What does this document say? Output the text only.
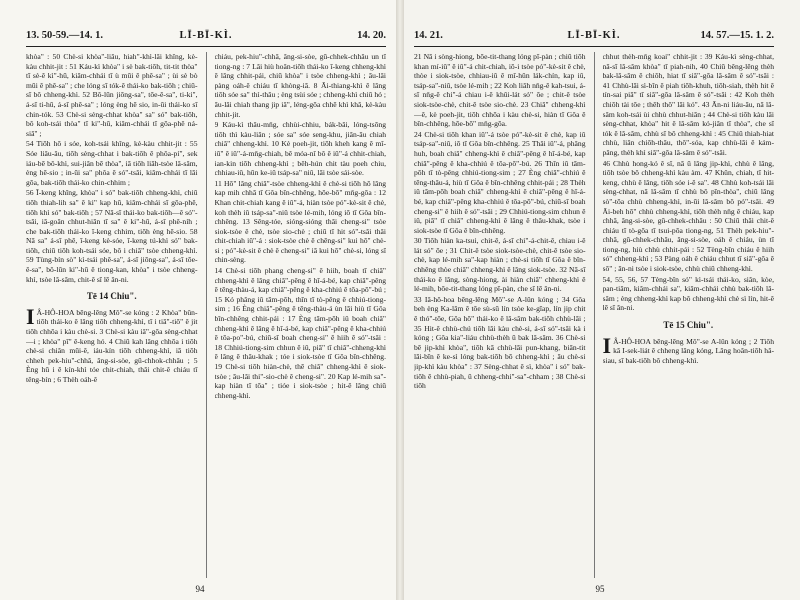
13. 50-59.—14. 1.	LĪ-BĪ-KÌ.	14. 20.

khòa" : 50 Chè-si khòa"-liâu, hiah"-khì-lâi khîng, kè-kàu chhit-jit : 51 Káu-kì khòa" i sè bak-tiōh, tit-tit thòa" tī sè-ê kì"-hū, kiâm-chhái tī ù mūi ê phê-sa" ; ùi sè bò mūi ê phê-sa" ; che lóng sī tók-ê thái-ko bak-tiōh ; chiū-sī bô chheng-khì. 52 Bô-lūn jiōng-sa", tōe-ê-sa", ti-ki", á-sī ti-hū, á-sī phê-sa" ; lóng èng hē sio, in-ūi thái-ko sī chin-tók. 53 Chè-si sèng-chhat khòa" sa" só" bak-tiōh, bô koh-tsái thòa" tī ki"-hū, kiâm-chhái tī gōa-phê ná-siâ" ;

54 Tiōh hō i sóe, koh-tsái khîng, kè-kàu chhit-jit : 55 Sóe liâu-âu, tiōh sèng-chhat i bak-tiōh ê phôa-pí", sek iáu-bē bô-khì, sui-jiân bē thòa", iā tiōh liāh-tsòe lâ-sâm, èng hē-sio ; in-ūi sa" phôa ê só"-tsâi, kiâm-chhái tī lāi gōa, bak-tiōh thái-ko chin-chhim ;

56 Ī-keng khîng, khòa" i só" bak-tiōh chheng-khì, chiū tiōh thiah-lih sa" ê ki" kap hū, kiâm-chhái sī gōa-phê, tiōh khì só" bak-tiōh ; 57 Nā-sī thái-ko bak-tiōh—ê só"-tsâi, iā-goân chhut-hiān tī sa" ê ki"-hū, á-sī phê-níh ; che bak-tiōh thái-ko ī-keng chhim, tiōh èng hē-sio. 58 Nā sa" á-sī phê, ī-keng kè-sóe, ī-keng tú-khì só" bak-tiōh, chiū tiōh koh-tsái sóe, bô i chiā" tsòe chheng-khì. 59 Tùng-bín sò" kì-tsái phê-sa", á-sī jiōng-sa", á-sī tōe-ê-sa", bô-lūn ki"-hū ê tiong-kan, khòa" i tsòe chheng-khì, tsòe lâ-sâm, chit-ê sī lē ân-ni.

Tē 14 Chiu".

IÂ-HÔ-HOA bēng-lēng Mô"-se kóng : 2 Khòa" bûn-tiōh thái-ko ê lâng tiōh chheng-khì, tī i tiā"-tiō" ê jit tiōh chhōa i kàu chè-si. 3 Chè-si kàu iâ"-gōa sèng-chhat—i ; khòa" pī" ê-keng hó. 4 Chiū kah lâng chhōa i tiōh chè-si chiân mūi-ê, iáu-kín tiōh chheng-khì, iā tiōh chheh pek-hiu"-chhâ, âng-si-sòe, gū-chhok-chhâu ; 5 Èng hū i ê kín-khì tóe chit-chiah, thâi chit-ê chiáu tī têng-bín ; 6 Thèh oáh-ê

chiáu, pek-hiu"-chhâ, âng-si-sòe, gū-chhek-chhâu un tī tiong-ng : 7 Lâi hiù hoân-tiōh thái-ko ī-keng chheng-khì ê lâng chhit-pái, chiū khòa" i tsòe chheng-khì ; āu-lâi pàng oáh-ê chiáu tī khòng-iā. 8 Āi-thiang-khì ê lâng tiōh sóe sa" thì-thâu ; èng tsùi sóe ; chheng-khì chiū hó ; āu-lâi chiah thang jip iâ", léng-gōa chhē khì khâ, kè-kàu chhit-jit.

9 Káu-kì thâu-mn̄g, chhùi-chhiu, bák-bâi, lóng-tsōng tiōh thì kàu-liân ; sóe sa" sóe seng-khu, jiân-āu chiah chiâ" chheng-khì. 10 Kè poeh-jit, tiōh kheh kang ê mî-iū" ê iû"-á-mn̄g-chiah, bê móa-nî bô ê iû"-á chhit-chiah, ian-kin tiōh chheng-khì ; bêh-hún chit tàu poeh chiu, chhiau-iû, hūn ke-iû tsáp-sa" niû, lāi tsòe sái-sòe.

11 Hō" lâng chiâ"-tsòe chheng-khì ê chè-si tiōh hō lâng kap mih chhā tī Gôa bîn-chhêng, hōe-bō" mn̄g-gōa : 12 Khan chit-chiah kang ê iû"-á, hiàn tsòe pó"-kè-sit ê chè, koh thèh iû tsáp-sa"-niû tsòe lé-mih, lóng iō tī Gôa bîn-chhêng. 13 Sêng-tóe, sióng-sióng thâi cheng-si" tsòe siok-tsòe ê chè, tsòe sio-chè ; chiū tī hit só"-tsâi thâi chit-chiah iû"-á : siok-tsòe chè ê chēng-si" kui hō" chè-si ; pó"-kè-sit ê chè ê cheng-si" iā kui hō" chè-si, lóng sī chin-sèng.

14 Chè-si tiōh phang cheng-si" ê hiih, boah tī chiâ" chheng-khì ê lâng chiâ"-pêng ê hī-á-bé, kap chiâ"-pêng ê tēng-thàu-á, kap chiâ"-pêng ê kha-chhiú ê tōa-pō"-bú ; 15 Kó phâng iû tām-pōh, thīn tī tò-pêng ê chhiú-tiong-sim ; 16 Èng chiâ"-pêng ê tēng-thàu-á ùn lāi hiù tī Gôa bîn-chhêng chhit-pái : 17 Èng tām-pōh iû boah chiâ" chheng-khì ê lâng ê hī-á-bé, kap chiâ"-pêng ê kha-chhiú ê tōa-po"-bú, chiū-sī boah cheng-si" ê hiih ê só"-tsâi : 18 Chhiú-tiong-sim chhun ê iû, piā" tī chiâ"-chheng-khì ê lâng ê thâu-khak ; tóe i siok-tsòe tī Gôa bîn-chhêng. 19 Chè-si tiōh hiàn-chè, thē chiâ" chheng-khì ê siok-tsòe ; āu-lâi thi"-sio-chè ê cheng-si". 20 Kap lé-mih sa"-kap hiàn tī tōa" ; tióe i siok-tsòe ; hit-ê lâng chiū chheng-khì.

94
14. 21.	LĪ-BĪ-KÌ.	14. 57.—15. 1. 2.

21 Nā i sòng-hiong, bōe-tit-thang lóng pī-pàn ; chiū tiōh khan mí-iû" ê iû"-á chit-chiah, iō-i tsòe pó"-kè-sit ê chè, thòe i siok-tsòe, chhiau-iû ê mî-hûn lák-chín, kap iû, tsáp-sa"-niû, tsòe lé-mih ; 22 Koh liâh nn̄g-ê kah-tsui, á-sī nn̄g-ê chi"-á chiau i-ê khûi-lát só" ōe ; chit-ê tsòe siok-tsòe-chè, chit-ê tsòe sio-chè. 23 Chiâ" chheng-khì—ê, kè poeh-jit, tiōh chhōa i kàu chè-si, hiàn tī Gôa ê bîn-chhêng, hōe-bō" mn̄g-gōa.

24 Chè-si tiōh khan iû"-á tsòe pó"-kè-sit ê chè, kap iû tsáp-sa"-niû, iō tī Gôa bîn-chhêng. 25 Thâi iû"-á, phâng huh, boah chiâ" chheng-khì ê chiâ"-pêng ê hī-á-bé, kap chiâ"-pêng ê kha-chhiú ê tōa-pō"-bú. 26 Thīn iû tām-pōh tī tò-pêng chhiú-tiong-sim ; 27 Èng chiâ"-chhiú ê tēng-thâu-á, hiù tī Gôa ê bîn-chhêng chhit-pái ; 28 Thèh iû tām-pōh boah chiâ" chheng-khì ê chiâ"-pêng ê hī-á-bé, kap chiâ"-pêng kha-chhiú ê tōa-pō"-bú, chiū-sī boah cheng-si" ê hiih ê só"-tsâi ; 29 Chhiú-tiong-sim chhun ê iû, piā" tī chiâ" chheng-khì ê lâng ê thâu-khak, tsòe i siok-tsòe tī Gôa ê bîn-chhêng.

30 Tiōh hiàn ka-tsui, chit-ê, á-sī chi"-á-chit-ê, chiau i-ê lát só" ōe ; 31 Chit-ê tsòe siok-tsòe-chè, chit-ê tsòe sio-chè, kap lé-mih sa"-kap hiàn ; chè-si tiōh tī Gôa ê bîn-chhêng thòe chiâ" chheng-khì ê lâng siok-tsòe. 32 Nā-sī thái-ko ê lâng, sòng-hiong, ài hiàn chiâ" chheng-khì ê lé-mih, bōe-tit-thang lóng pī-pàn, che sī lē ân-ni.

33 Iâ-hô-hoa bēng-lēng Mô"-se A-lûn kóng ; 34 Gôa beh èng Ka-lâm ê tōe sù-sū lín tsòe ke-gīap, lín jip chit ê thó"-tōe, Gôa hō" thái-ko ê lâ-sâm bak-tiōh chhù-lāi ; 35 Hit-ê chhù-chú tiōh lâi kàu chè-si, á-sī só"-tsâi kà i kóng ; Gôa kia"-liáu chhù-thèh ū bak lâ-sâm. 36 Chè-si bē jip-khì khòa", tiōh kā chhù-lāi pun-khang, biān-tit lāi-bīn ê ke-sì lóng bak-tiōh bō chheng-khì ; āu chè-si jip-khì kàu khòa" : 37 Sèng-chhat ê sì, khòa" i só" bak-tiōh ê chhù-piah, ū chheng-chhi"-sa"-chham ; 38 Chè-si tiōh

chhut thèh-mn̄g koai" chhit-jit : 39 Káu-kì sèng-chhat, nā-sī lâ-sâm khòa" tī piah-nih, 40 Chiū bêng-lêng thèh bak-lâ-sâm ê chiôh, hiat tī siâ"-gōa lâ-sâm ê só"-tsâi : 41 Chhù-lāi sì-bîn ê piah tiōh-khuh, tiōh-siah, thèh hit ê tín-sai piā" tī siâ"-gōa lâ-sâm ê só"-tsâi : 42 Koh thèh chiōh tài tōe ; thêh thô" lāi kó". 43 Ān-ni liáu-āu, nā lâ-sâm koh-tsái ùi chhù chhut-hiān ; 44 Chè-si tiōh kàu lāi sèng-chhat, khòa" hit ê lâ-sâm kó-jiân tī thòa", che sī tók ê lâ-sâm, chhù sī bô chheng-khì : 45 Chiū thiah-hiat chhù, liân chiōh-thâu, thô"-sóa, kap chhù-lāi ê kám-pâng, thèh khì siâ"-gōa lâ-sâm ê só"-tsâi.

46 Chhù hong-kó ê sî, nā ū lâng jip-khì, chhù ê lâng, tiōh tsòe bô chheng-khì kàu àm. 47 Khûn, chiah, tī hit-keng, chhù ê lâng, tiōh sóe i-ê sa". 48 Chhù koh-tsái lāi sèng-chhat, nā lâ-sâm tī chhù bô pīn-thòa", chiū lâng sò"-tōa chhù chheng-khì, in-ūi lâ-sâm bô pó"-tsâi. 49 Āi-beh hō" chhù chheng-khì, tiōh thèh nn̄g ê chiáu, kap chhâ, âng-si-sòe, gū-chhek-chhâu : 50 Chiū thâi chit-ê chiáu tī tò-gōa tī tsui-pōa tiong-ng, 51 Thèh pek-hiu"-chhâ, gū-chhek-chhâu, âng-si-sòe, oáh ê chiáu, ùn tī tiong-ng, hiù chhù chhit-pái : 52 Tèng-bîn chiáu ê hiih só" chheng-khì ; 53 Pàng oáh ê chiáu chhut tī siâ"-gōa ê sō" ; ān-ni tsòe i siok-tsòe, chhù chiū chheng-khì.

54, 55, 56, 57 Tèng-bîn só" kì-tsái thái-ko, siân, kòe, pan-tiâm, kiâm-chhái sa", kiâm-chhái chhù bak-tiōh lâ-sâm ; èng chheng-khì kap bô chheng-khì chè sì lín, hit-ê lē sī ân-ni.

Tē 15 Chiu".

IÂ-HÔ-HOA bēng-lēng Mô"-se A-lûn kóng ; 2 Tiōh kā I-sek-liát ê chheng lâng kóng, Lâng hoân-tiōh hâ-siau, sī bak-tiōh bô chheng-khì.

95
